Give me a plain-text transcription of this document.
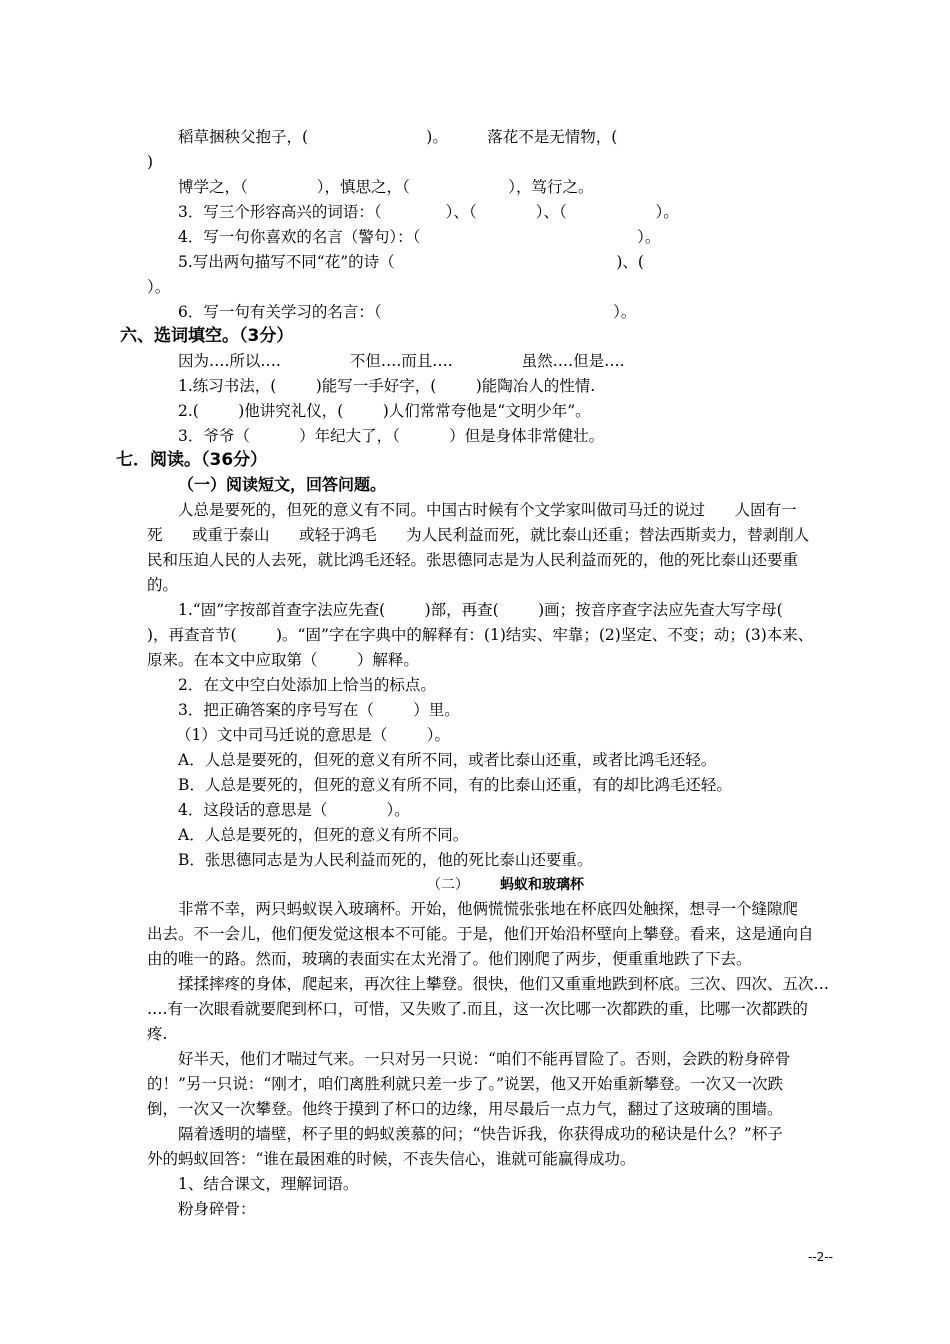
稻草捆秧父抱子，(                        )。        落花不是无情物，(
)
博学之，（              ），慎思之，（                    ），笃行之。
3．写三个形容高兴的词语：（             ）、（            ）、（                  ）。
4．写一句你喜欢的名言（警句）：（                                            ）。
5.写出两句描写不同“花”的诗（                                             )、(
）。
6．写一句有关学习的名言：（                                               ）。
六、选词填空。（3分）
因为….所以….              不但….而且….              虽然….但是….
1.练习书法，(        )能写一手好字，(        )能陶冶人的性情.
2.(        )他讲究礼仪，(        )人们常常夸他是“文明少年”。
3．爷爷（          ）年纪大了，（          ）但是身体非常健壮。
七．阅读。（36分）
（一）阅读短文，回答问题。
人总是要死的，但死的意义有不同。中国古时候有个文学家叫做司马迁的说过      人固有一
死      或重于泰山      或轻于鸿毛      为人民利益而死，就比泰山还重；替法西斯卖力，替剥削人
民和压迫人民的人去死，就比鸿毛还轻。张思德同志是为人民利益而死的，他的死比泰山还要重
的。
1.“固”字按部首查字法应先查(        )部，再查(        )画；按音序查字法应先查大写字母(
)，再查音节(        )。“固”字在字典中的解释有：(1)结实、牢靠；(2)坚定、不变；动；(3)本来、
原来。在本文中应取第（        ）解释。
2．在文中空白处添加上恰当的标点。
3．把正确答案的序号写在（        ）里。
（1）文中司马迁说的意思是（        ）。
A．人总是要死的，但死的意义有所不同，或者比泰山还重，或者比鸿毛还轻。
B．人总是要死的，但死的意义有所不同，有的比泰山还重，有的却比鸿毛还轻。
4．这段话的意思是（            ）。
A．人总是要死的，但死的意义有所不同。
B．张思德同志是为人民利益而死的，他的死比泰山还要重。
（二） 蚂蚁和玻璃杯
非常不幸，两只蚂蚁误入玻璃杯。开始，他俩慌慌张张地在杯底四处触探，想寻一个缝隙爬
出去。不一会儿，他们便发觉这根本不可能。于是，他们开始沿杯壁向上攀登。看来，这是通向自
由的唯一的路。然而，玻璃的表面实在太光滑了。他们刚爬了两步，便重重地跌了下去。
揉揉摔疼的身体，爬起来，再次往上攀登。很快，他们又重重地跌到杯底。三次、四次、五次…
….有一次眼看就要爬到杯口，可惜，又失败了.而且，这一次比哪一次都跌的重，比哪一次都跌的
疼.
好半天，他们才喘过气来。一只对另一只说：“咱们不能再冒险了。否则，会跌的粉身碎骨
的！”另一只说：“刚才，咱们离胜利就只差一步了。”说罢，他又开始重新攀登。一次又一次跌
倒，一次又一次攀登。他终于摸到了杯口的边缘，用尽最后一点力气，翻过了这玻璃的围墙。
隔着透明的墙壁，杯子里的蚂蚁羡慕的问；“快告诉我，你获得成功的秘诀是什么？”杯子
外的蚂蚁回答：“谁在最困难的时候，不丧失信心，谁就可能赢得成功。
1、结合课文，理解词语。
粉身碎骨：
--2--
